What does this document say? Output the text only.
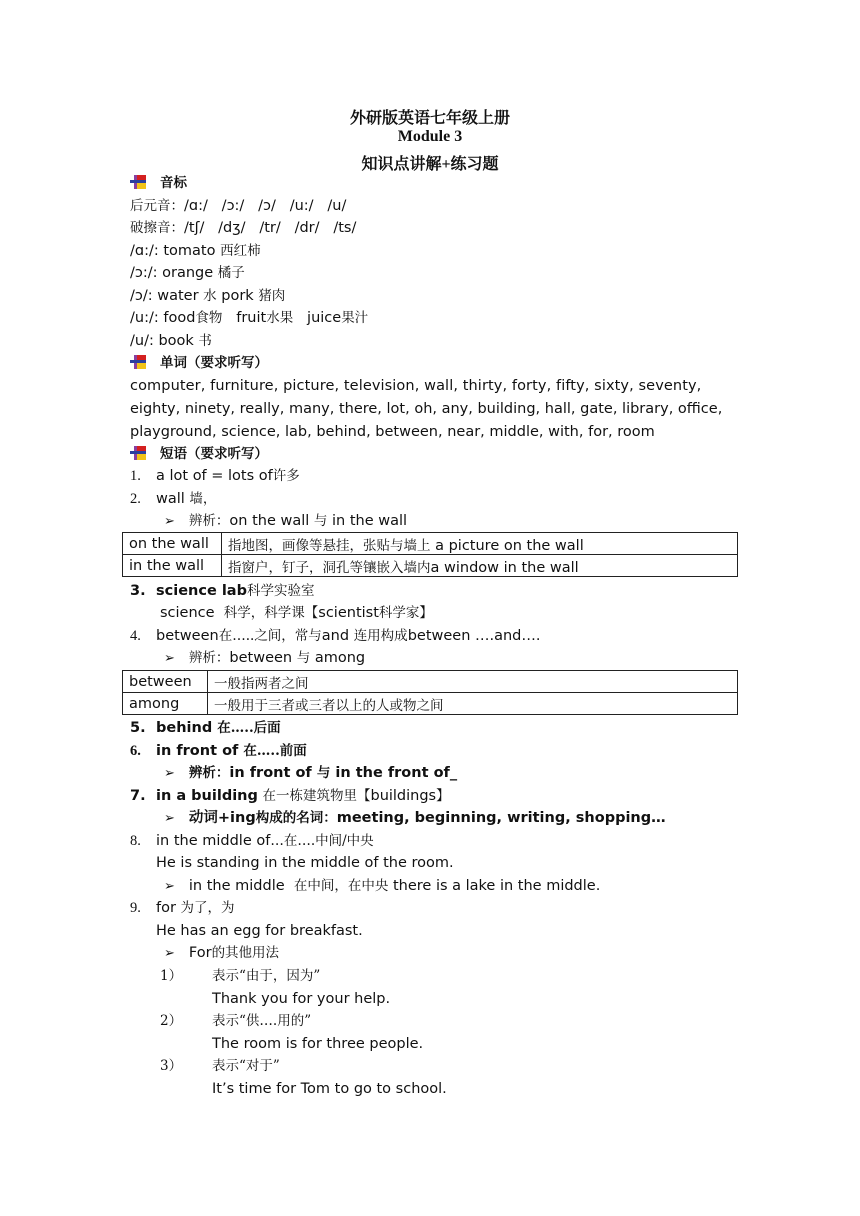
外研版英语七年级上册
Module 3
知识点讲解+练习题
音标
后元音：/ɑ:/   /ɔ:/   /ɔ/   /u:/   /u/
破擦音：/tʃ/   /dʒ/   /tr/   /dr/   /ts/
/ɑ:/: tomato 西红柿
/ɔ:/: orange 橘子
/ɔ/: water 水 pork 猪肉
/u:/: food食物 fruit水果 juice果汁
/u/: book 书
单词（要求听写）
computer, furniture, picture, television, wall, thirty, forty, fifty, sixty, seventy,
eighty, ninety, really, many, there, lot, oh, any, building, hall, gate, library, office,
playground, science, lab, behind, between, near, middle, with, for, room
短语（要求听写）
1. a lot of = lots of许多
2. wall 墙，
➢ 辨析：on the wall 与 in the wall
on the wall	指地图，画像等悬挂，张贴与墙上 a picture on the wall
in the wall	指窗户，钉子，洞孔等镶嵌入墙内a window in the wall
3. science lab科学实验室
science 科学，科学课【scientist科学家】
4. between在…..之间，常与and 连用构成between ….and….
➢ 辨析：between 与 among
between	一般指两者之间
among	一般用于三者或三者以上的人或物之间
5. behind 在…..后面
6. in front of 在…..前面
➢ 辨析：in front of 与 in the front of_
7. in a building 在一栋建筑物里【buildings】
➢ 动词+ing构成的名词：meeting, beginning, writing, shopping…
8. in the middle of…在….中间/中央
He is standing in the middle of the room.
➢ in the middle 在中间，在中央 there is a lake in the middle.
9. for 为了，为
He has an egg for breakfast.
➢ For的其他用法
1） 表示“由于，因为”
Thank you for your help.
2） 表示“供….用的”
The room is for three people.
3） 表示“对于”
It’s time for Tom to go to school.
